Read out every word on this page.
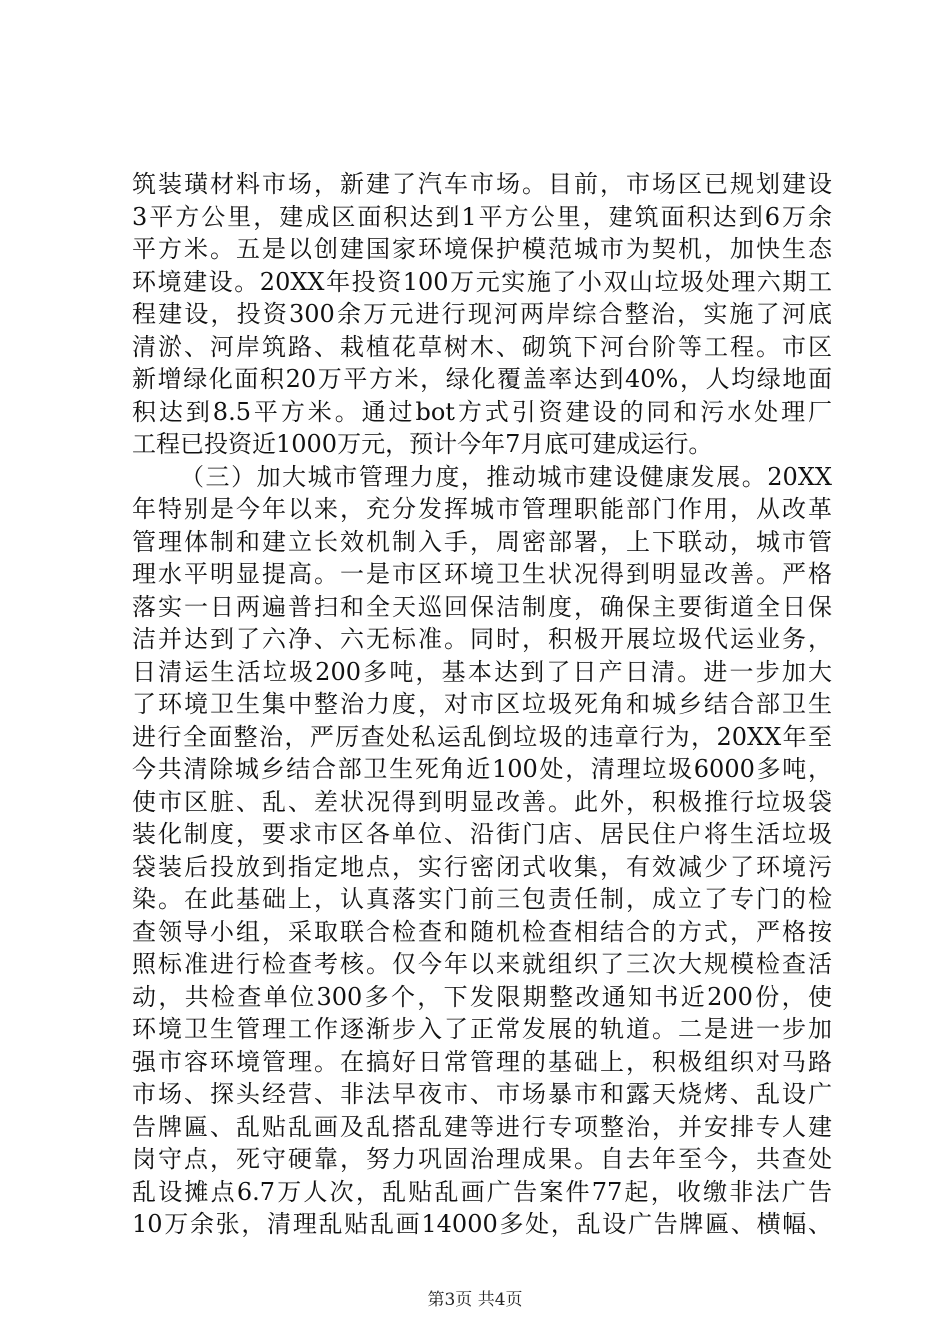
筑装璜材料市场，新建了汽车市场。目前，市场区已规划建设
3平方公里，建成区面积达到1平方公里，建筑面积达到6万余
平方米。五是以创建国家环境保护模范城市为契机，加快生态
环境建设。20XX年投资100万元实施了小双山垃圾处理六期工
程建设，投资300余万元进行现河两岸综合整治，实施了河底
清淤、河岸筑路、栽植花草树木、砌筑下河台阶等工程。市区
新增绿化面积20万平方米，绿化覆盖率达到40%，人均绿地面
积达到8.5平方米。通过bot方式引资建设的同和污水处理厂
工程已投资近1000万元，预计今年7月底可建成运行。
（三）加大城市管理力度，推动城市建设健康发展。20XX
年特别是今年以来，充分发挥城市管理职能部门作用，从改革
管理体制和建立长效机制入手，周密部署，上下联动，城市管
理水平明显提高。一是市区环境卫生状况得到明显改善。严格
落实一日两遍普扫和全天巡回保洁制度，确保主要街道全日保
洁并达到了六净、六无标准。同时，积极开展垃圾代运业务，
日清运生活垃圾200多吨，基本达到了日产日清。进一步加大
了环境卫生集中整治力度，对市区垃圾死角和城乡结合部卫生
进行全面整治，严厉查处私运乱倒垃圾的违章行为，20XX年至
今共清除城乡结合部卫生死角近100处，清理垃圾6000多吨，
使市区脏、乱、差状况得到明显改善。此外，积极推行垃圾袋
装化制度，要求市区各单位、沿街门店、居民住户将生活垃圾
袋装后投放到指定地点，实行密闭式收集，有效减少了环境污
染。在此基础上，认真落实门前三包责任制，成立了专门的检
查领导小组，采取联合检查和随机检查相结合的方式，严格按
照标准进行检查考核。仅今年以来就组织了三次大规模检查活
动，共检查单位300多个，下发限期整改通知书近200份，使
环境卫生管理工作逐渐步入了正常发展的轨道。二是进一步加
强市容环境管理。在搞好日常管理的基础上，积极组织对马路
市场、探头经营、非法早夜市、市场暴市和露天烧烤、乱设广
告牌匾、乱贴乱画及乱搭乱建等进行专项整治，并安排专人建
岗守点，死守硬靠，努力巩固治理成果。自去年至今，共查处
乱设摊点6.7万人次，乱贴乱画广告案件77起，收缴非法广告
10万余张，清理乱贴乱画14000多处，乱设广告牌匾、横幅、
第3页 共4页
